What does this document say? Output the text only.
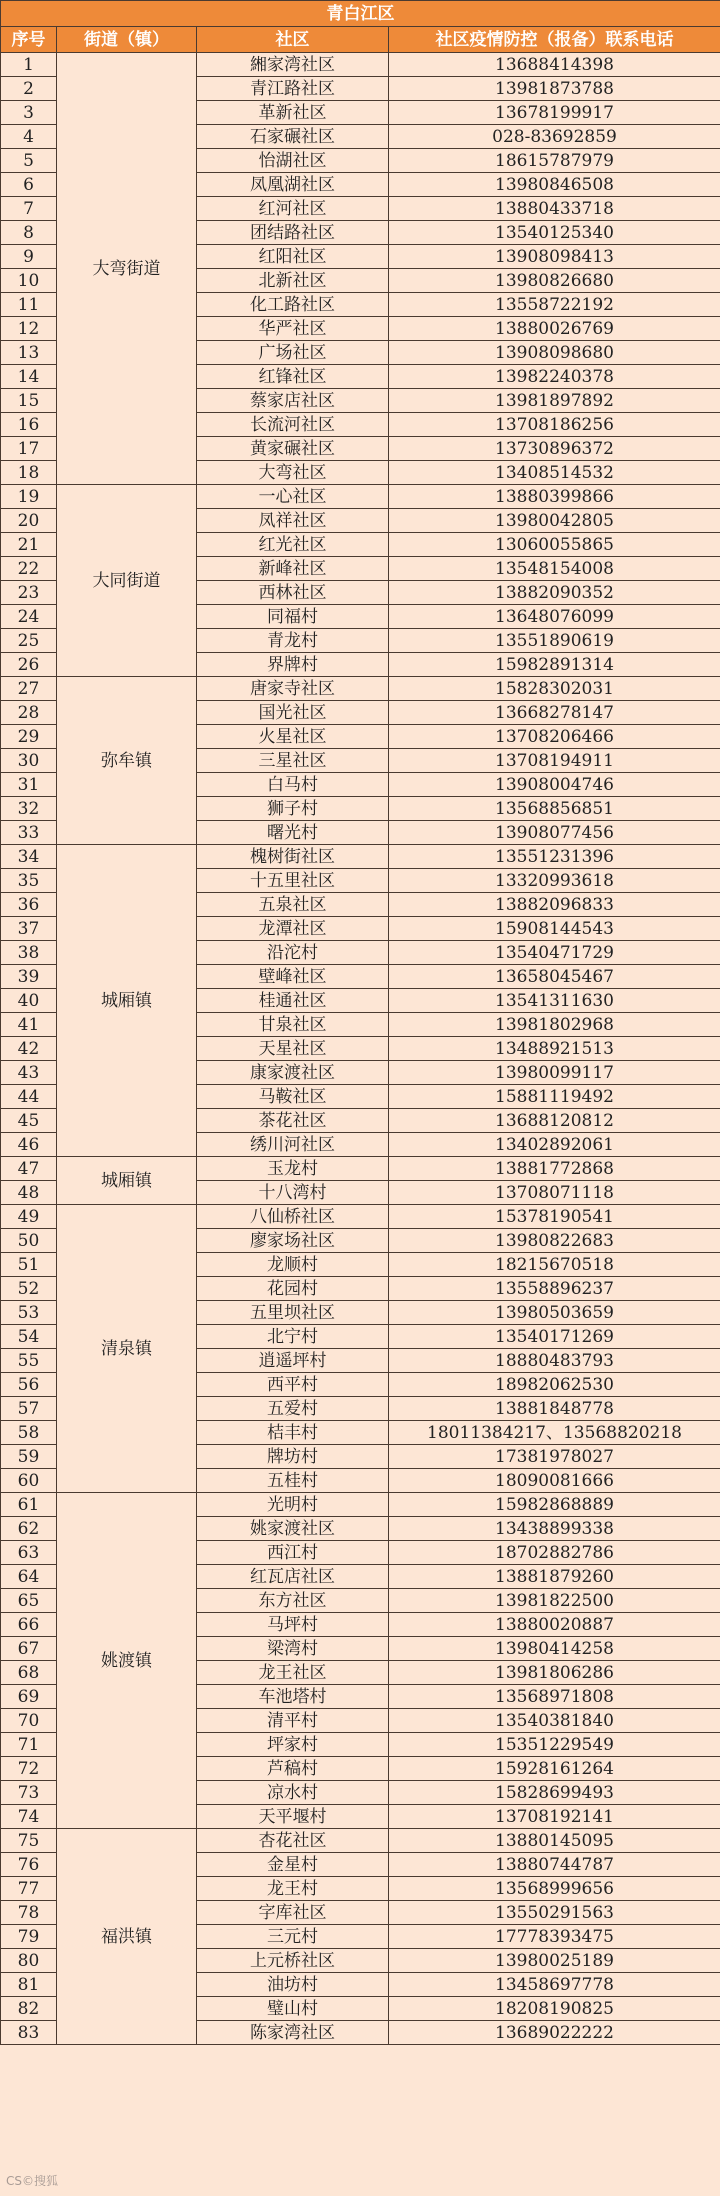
青白江区			
序号	街道（镇）	社区	社区疫情防控（报备）联系电话
1	大弯街道	緗家湾社区	13688414398
2		青江路社区	13981873788
3		革新社区	13678199917
4		石家碾社区	028-83692859
5		怡湖社区	18615787979
6		凤凰湖社区	13980846508
7		红河社区	13880433718
8		团结路社区	13540125340
9		红阳社区	13908098413
10		北新社区	13980826680
11		化工路社区	13558722192
12		华严社区	13880026769
13		广场社区	13908098680
14		红锋社区	13982240378
15		蔡家店社区	13981897892
16		长流河社区	13708186256
17		黄家碾社区	13730896372
18		大弯社区	13408514532
19	大同街道	一心社区	13880399866
20		凤祥社区	13980042805
21		红光社区	13060055865
22		新峰社区	13548154008
23		西林社区	13882090352
24		同福村	13648076099
25		青龙村	13551890619
26		界牌村	15982891314
27	弥牟镇	唐家寺社区	15828302031
28		国光社区	13668278147
29		火星社区	13708206466
30		三星社区	13708194911
31		白马村	13908004746
32		狮子村	13568856851
33		曙光村	13908077456
34	城厢镇	槐树街社区	13551231396
35		十五里社区	13320993618
36		五泉社区	13882096833
37		龙潭社区	15908144543
38		沿沱村	13540471729
39		壁峰社区	13658045467
40		桂通社区	13541311630
41		甘泉社区	13981802968
42		天星社区	13488921513
43		康家渡社区	13980099117
44		马鞍社区	15881119492
45		茶花社区	13688120812
46		绣川河社区	13402892061
47	城厢镇	玉龙村	13881772868
48		十八湾村	13708071118
49	清泉镇	八仙桥社区	15378190541
50		廖家场社区	13980822683
51		龙顺村	18215670518
52		花园村	13558896237
53		五里坝社区	13980503659
54		北宁村	13540171269
55		逍遥坪村	18880483793
56		西平村	18982062530
57		五爱村	13881848778
58		桔丰村	18011384217、13568820218
59		牌坊村	17381978027
60		五桂村	18090081666
61	姚渡镇	光明村	15982868889
62		姚家渡社区	13438899338
63		西江村	18702882786
64		红瓦店社区	13881879260
65		东方社区	13981822500
66		马坪村	13880020887
67		梁湾村	13980414258
68		龙王社区	13981806286
69		车池塔村	13568971808
70		清平村	13540381840
71		坪家村	15351229549
72		芦稿村	15928161264
73		凉水村	15828699493
74		天平堰村	13708192141
75	福洪镇	杏花社区	13880145095
76		金星村	13880744787
77		龙王村	13568999656
78		字库社区	13550291563
79		三元村	17778393475
80		上元桥社区	13980025189
81		油坊村	13458697778
82		璧山村	18208190825
83		陈家湾社区	13689022222
CS©搜狐
